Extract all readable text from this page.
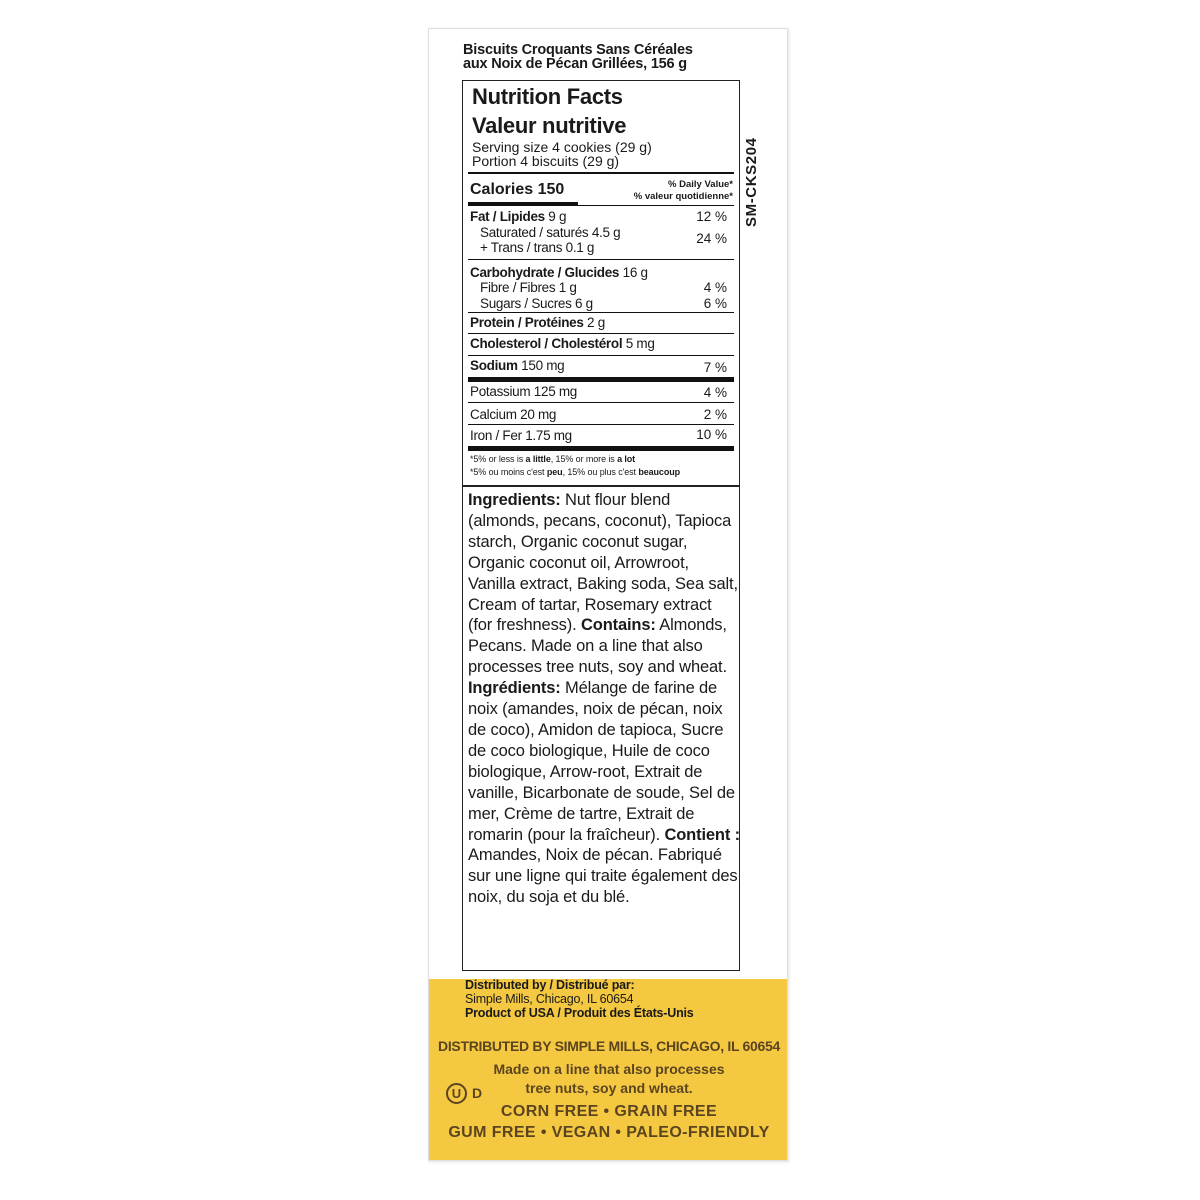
Biscuits Croquants Sans Céréales
aux Noix de Pécan Grillées, 156 g
Nutrition Facts
Valeur nutritive
Serving size 4 cookies (29 g)
Portion 4 biscuits (29 g)
Calories 150	% Daily Value*
% valeur quotidienne*
Fat / Lipides 9 g	12 %
Saturated / saturés 4.5 g	24 %
+ Trans / trans 0.1 g
Carbohydrate / Glucides 16 g
Fibre / Fibres 1 g	4 %
Sugars / Sucres 6 g	6 %
Protein / Protéines 2 g
Cholesterol / Cholestérol 5 mg
Sodium 150 mg	7 %
Potassium 125 mg	4 %
Calcium 20 mg	2 %
Iron / Fer 1.75 mg	10 %
*5% or less is a little, 15% or more is a lot
*5% ou moins c'est peu, 15% ou plus c'est beaucoup
SM-CKS204
Ingredients: Nut flour blend (almonds, pecans, coconut), Tapioca starch, Organic coconut sugar, Organic coconut oil, Arrowroot, Vanilla extract, Baking soda, Sea salt, Cream of tartar, Rosemary extract (for freshness). Contains: Almonds, Pecans. Made on a line that also processes tree nuts, soy and wheat. Ingrédients: Mélange de farine de noix (amandes, noix de pécan, noix de coco), Amidon de tapioca, Sucre de coco biologique, Huile de coco biologique, Arrow-root, Extrait de vanille, Bicarbonate de soude, Sel de mer, Crème de tartre, Extrait de romarin (pour la fraîcheur). Contient : Amandes, Noix de pécan. Fabriqué sur une ligne qui traite également des noix, du soja et du blé.
Distributed by / Distribué par:
Simple Mills, Chicago, IL 60654
Product of USA / Produit des États-Unis
DISTRIBUTED BY SIMPLE MILLS, CHICAGO, IL 60654
Made on a line that also processes
tree nuts, soy and wheat.
U D
CORN FREE • GRAIN FREE
GUM FREE • VEGAN • PALEO-FRIENDLY
